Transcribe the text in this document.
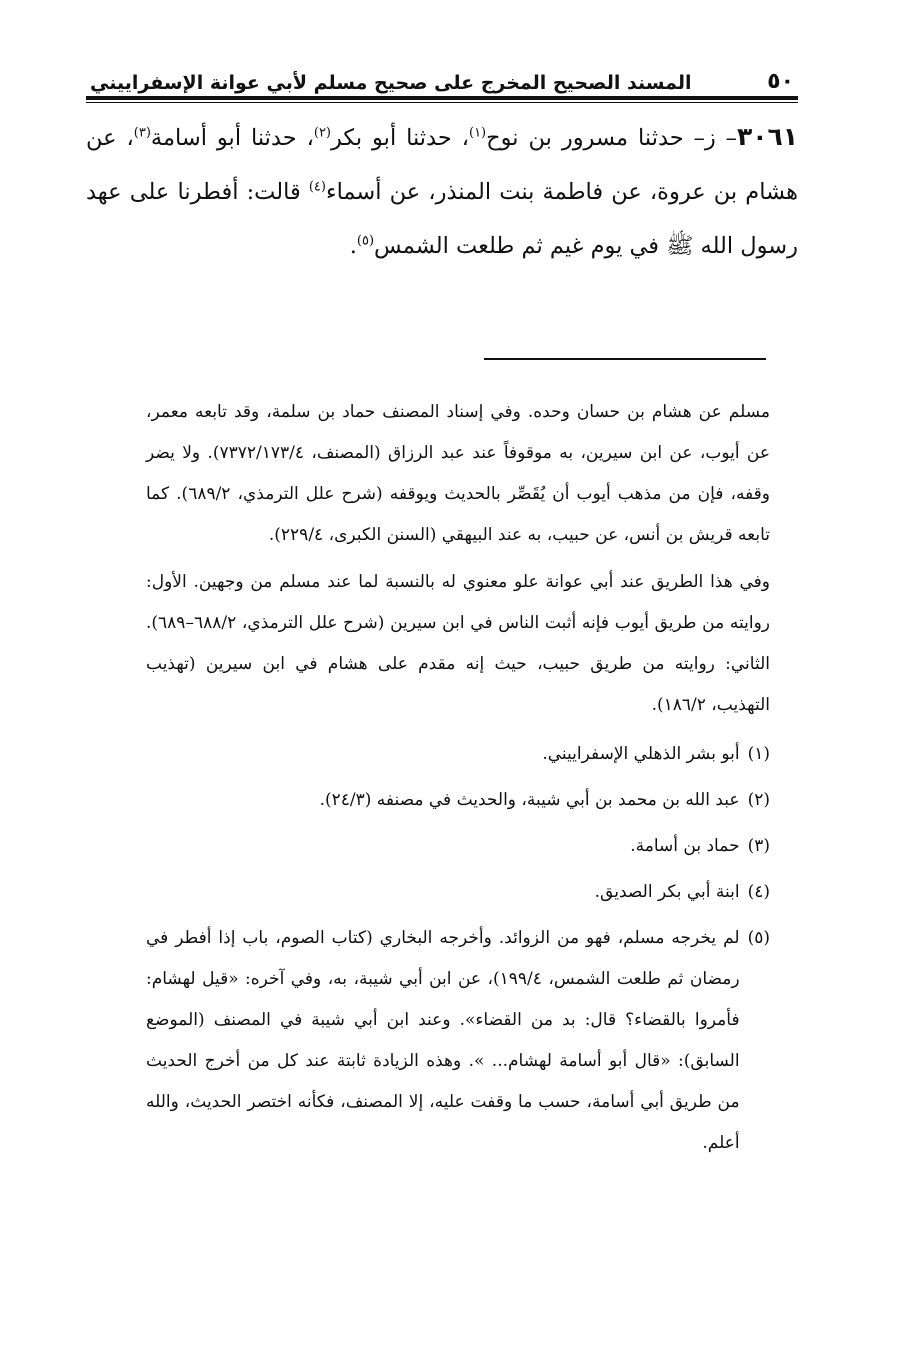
٥٠
المسند الصحيح المخرج على صحيح مسلم لأبي عوانة الإسفراييني
٣٠٦١– ز– حدثنا مسرور بن نوح$^{(١)}$، حدثنا أبو بكر$^{(٢)}$، حدثنا أبو أسامة$^{(٣)}$، عن هشام بن عروة، عن فاطمة بنت المنذر، عن أسماء$^{(٤)}$ قالت: أفطرنا على عهد رسول الله ﷺ في يوم غيم ثم طلعت الشمس$^{(٥)}$.

مسلم عن هشام بن حسان وحده. وفي إسناد المصنف حماد بن سلمة، وقد تابعه معمر، عن أيوب، عن ابن سيرين، به موقوفاً عند عبد الرزاق (المصنف، ٧٣٧٢/١٧٣/٤). ولا يضر وقفه، فإن من مذهب أيوب أن يُقَصِّر بالحديث ويوقفه (شرح علل الترمذي، ٦٨٩/٢). كما تابعه قريش بن أنس، عن حبيب، به عند البيهقي (السنن الكبرى، ٢٢٩/٤).

وفي هذا الطريق عند أبي عوانة علو معنوي له بالنسبة لما عند مسلم من وجهين. الأول: روايته من طريق أيوب فإنه أثبت الناس في ابن سيرين (شرح علل الترمذي، ٦٨٨/٢–٦٨٩). الثاني: روايته من طريق حبيب، حيث إنه مقدم على هشام في ابن سيرين (تهذيب التهذيب، ١٨٦/٢).

(١)
أبو بشر الذهلي الإسفراييني.
(٢)
عبد الله بن محمد بن أبي شيبة، والحديث في مصنفه (٢٤/٣).
(٣)
حماد بن أسامة.
(٤)
ابنة أبي بكر الصديق.
(٥)
لم يخرجه مسلم، فهو من الزوائد. وأخرجه البخاري (كتاب الصوم، باب إذا أفطر في رمضان ثم طلعت الشمس، ١٩٩/٤)، عن ابن أبي شيبة، به، وفي آخره: «قيل لهشام: فأمروا بالقضاء؟ قال: بد من القضاء». وعند ابن أبي شيبة في المصنف (الموضع السابق): «قال أبو أسامة لهشام... ». وهذه الزيادة ثابتة عند كل من أخرج الحديث من طريق أبي أسامة، حسب ما وقفت عليه، إلا المصنف، فكأنه اختصر الحديث، والله أعلم.
